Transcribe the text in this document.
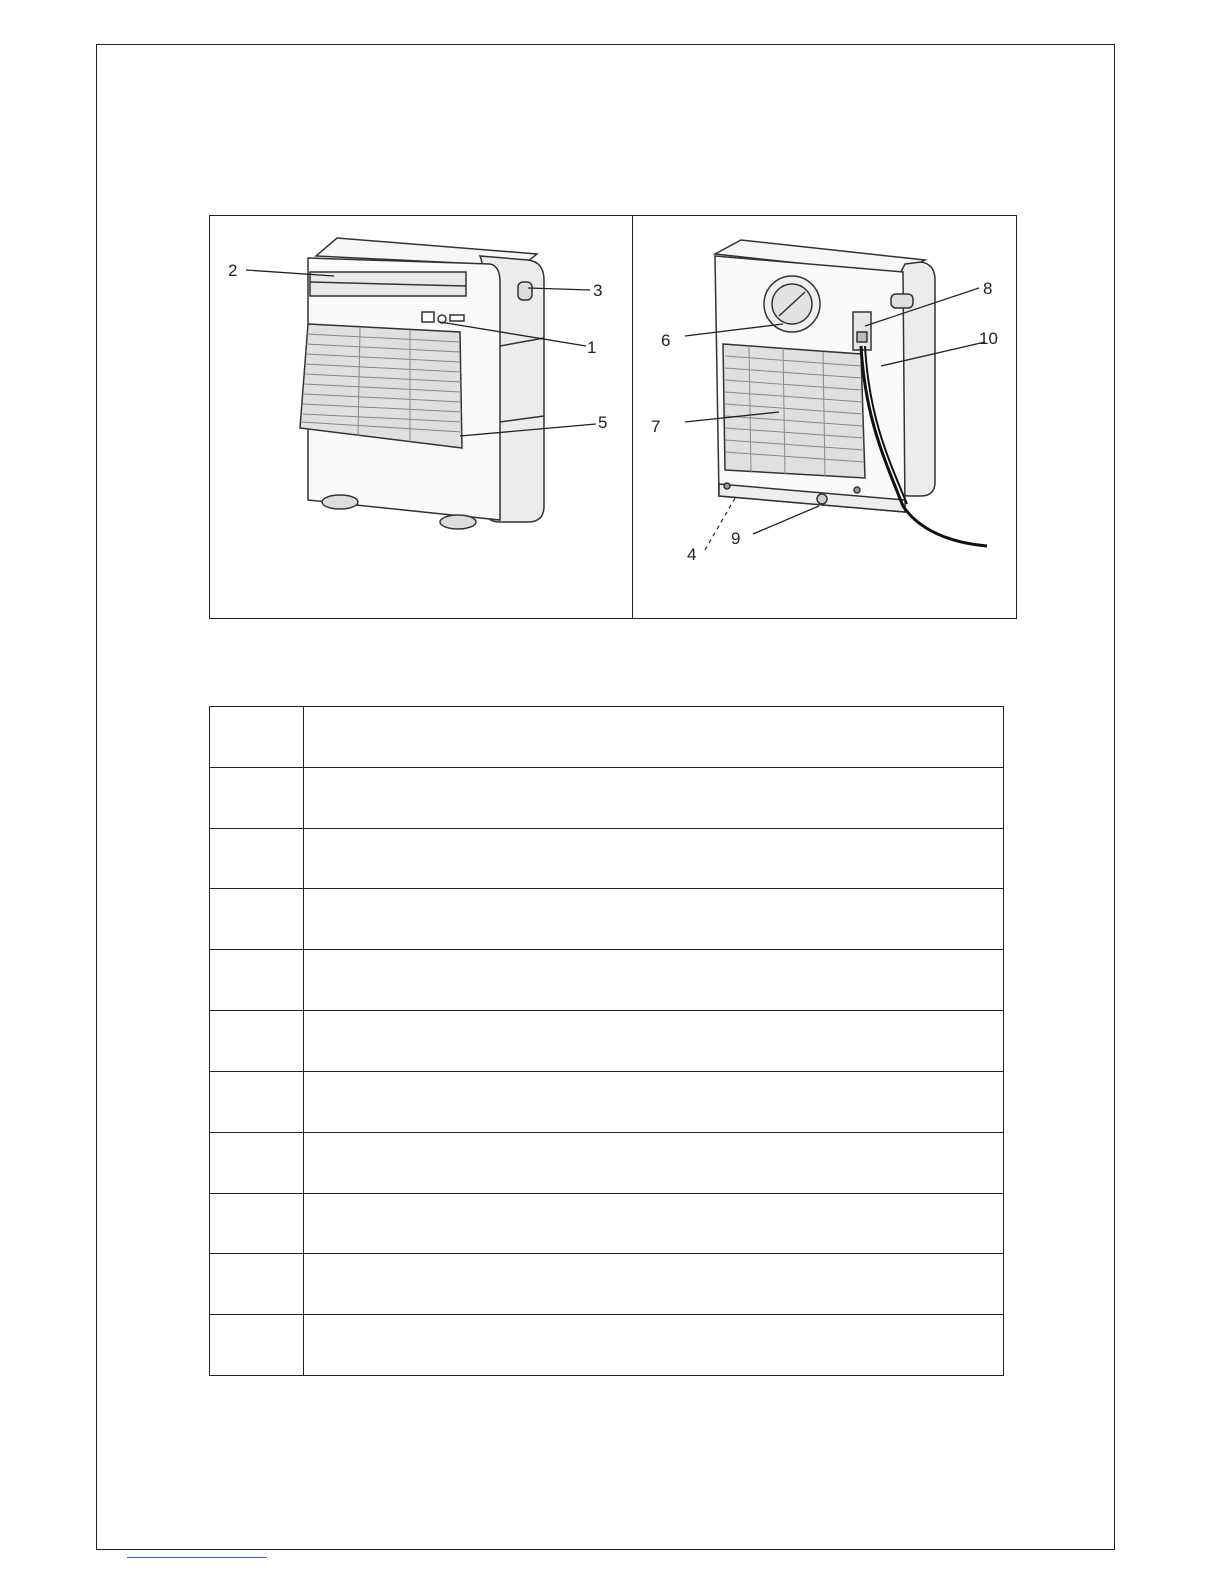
2
3
1
5
6
7
8
10
4
9
